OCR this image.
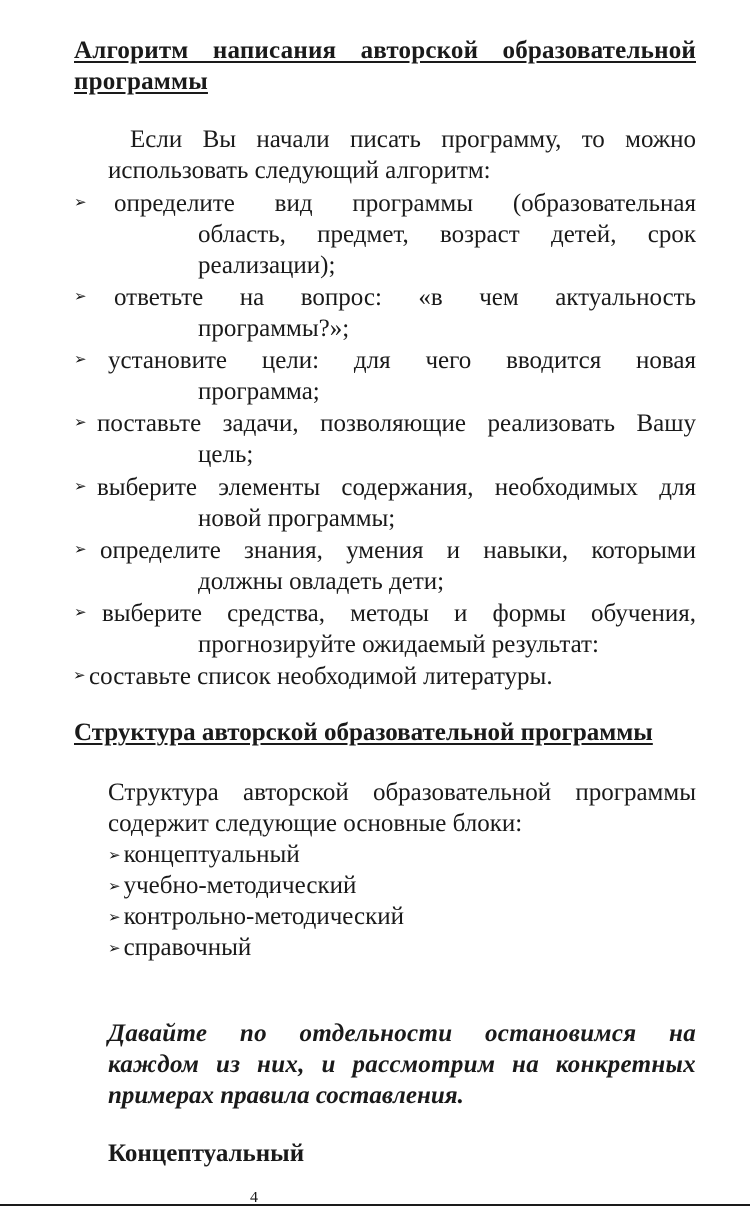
Алгоритм написания авторской образовательной
программы
Если Вы начали писать программу, то можно
использовать следующий алгоритм:
➢ определите вид программы (образовательная
область, предмет, возраст детей, срок
реализации);
➢ ответьте на вопрос: «в чем актуальность
программы?»;
➢ установите цели: для чего вводится новая
программа;
➢ поставьте задачи, позволяющие реализовать Вашу
цель;
➢ выберите элементы содержания, необходимых для
новой программы;
➢ определите знания, умения и навыки, которыми
должны овладеть дети;
➢ выберите средства, методы и формы обучения,
прогнозируйте ожидаемый результат:
➢ составьте список необходимой литературы.
Структура авторской образовательной программы
Структура авторской образовательной программы
содержит следующие основные блоки:
➢ концептуальный
➢ учебно-методический
➢ контрольно-методический
➢ справочный
Давайте по отдельности остановимся на
каждом из них, и рассмотрим на конкретных
примерах правила составления.
Концептуальный
4
